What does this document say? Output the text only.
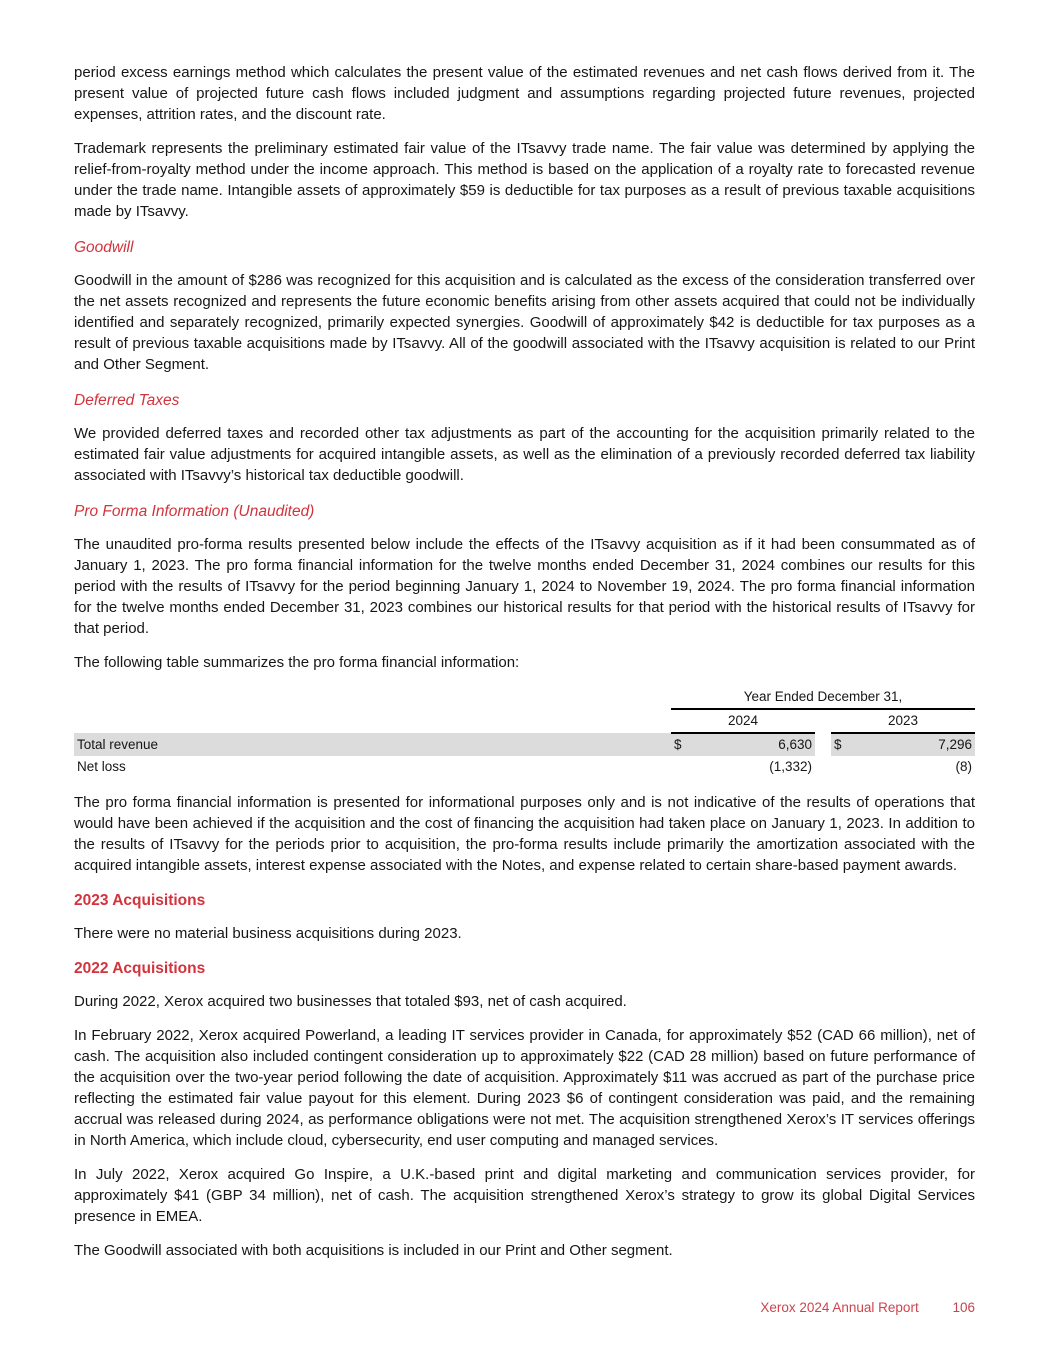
period excess earnings method which calculates the present value of the estimated revenues and net cash flows derived from it. The present value of projected future cash flows included judgment and assumptions regarding projected future revenues, projected expenses, attrition rates, and the discount rate.

Trademark represents the preliminary estimated fair value of the ITsavvy trade name. The fair value was determined by applying the relief-from-royalty method under the income approach. This method is based on the application of a royalty rate to forecasted revenue under the trade name. Intangible assets of approximately $59 is deductible for tax purposes as a result of previous taxable acquisitions made by ITsavvy.

Goodwill

Goodwill in the amount of $286 was recognized for this acquisition and is calculated as the excess of the consideration transferred over the net assets recognized and represents the future economic benefits arising from other assets acquired that could not be individually identified and separately recognized, primarily expected synergies. Goodwill of approximately $42 is deductible for tax purposes as a result of previous taxable acquisitions made by ITsavvy. All of the goodwill associated with the ITsavvy acquisition is related to our Print and Other Segment.

Deferred Taxes

We provided deferred taxes and recorded other tax adjustments as part of the accounting for the acquisition primarily related to the estimated fair value adjustments for acquired intangible assets, as well as the elimination of a previously recorded deferred tax liability associated with ITsavvy’s historical tax deductible goodwill.

Pro Forma Information (Unaudited)

The unaudited pro-forma results presented below include the effects of the ITsavvy acquisition as if it had been consummated as of January 1, 2023. The pro forma financial information for the twelve months ended December 31, 2024 combines our results for this period with the results of ITsavvy for the period beginning January 1, 2024 to November 19, 2024. The pro forma financial information for the twelve months ended December 31, 2023 combines our historical results for that period with the historical results of ITsavvy for that period.

The following table summarizes the pro forma financial information:

	Year Ended December 31,				
	2024			2023	
Total revenue	$	6,630		$	7,296
Net loss		(1,332)			(8)

The pro forma financial information is presented for informational purposes only and is not indicative of the results of operations that would have been achieved if the acquisition and the cost of financing the acquisition had taken place on January 1, 2023. In addition to the results of ITsavvy for the periods prior to acquisition, the pro-forma results include primarily the amortization associated with the acquired intangible assets, interest expense associated with the Notes, and expense related to certain share-based payment awards.

2023 Acquisitions

There were no material business acquisitions during 2023.

2022 Acquisitions

During 2022, Xerox acquired two businesses that totaled $93, net of cash acquired.

In February 2022, Xerox acquired Powerland, a leading IT services provider in Canada, for approximately $52 (CAD 66 million), net of cash. The acquisition also included contingent consideration up to approximately $22 (CAD 28 million) based on future performance of the acquisition over the two-year period following the date of acquisition. Approximately $11 was accrued as part of the purchase price reflecting the estimated fair value payout for this element. During 2023 $6 of contingent consideration was paid, and the remaining accrual was released during 2024, as performance obligations were not met. The acquisition strengthened Xerox’s IT services offerings in North America, which include cloud, cybersecurity, end user computing and managed services.

In July 2022, Xerox acquired Go Inspire, a U.K.-based print and digital marketing and communication services provider, for approximately $41 (GBP 34 million), net of cash. The acquisition strengthened Xerox’s strategy to grow its global Digital Services presence in EMEA.

The Goodwill associated with both acquisitions is included in our Print and Other segment.

Xerox 2024 Annual Report	106
